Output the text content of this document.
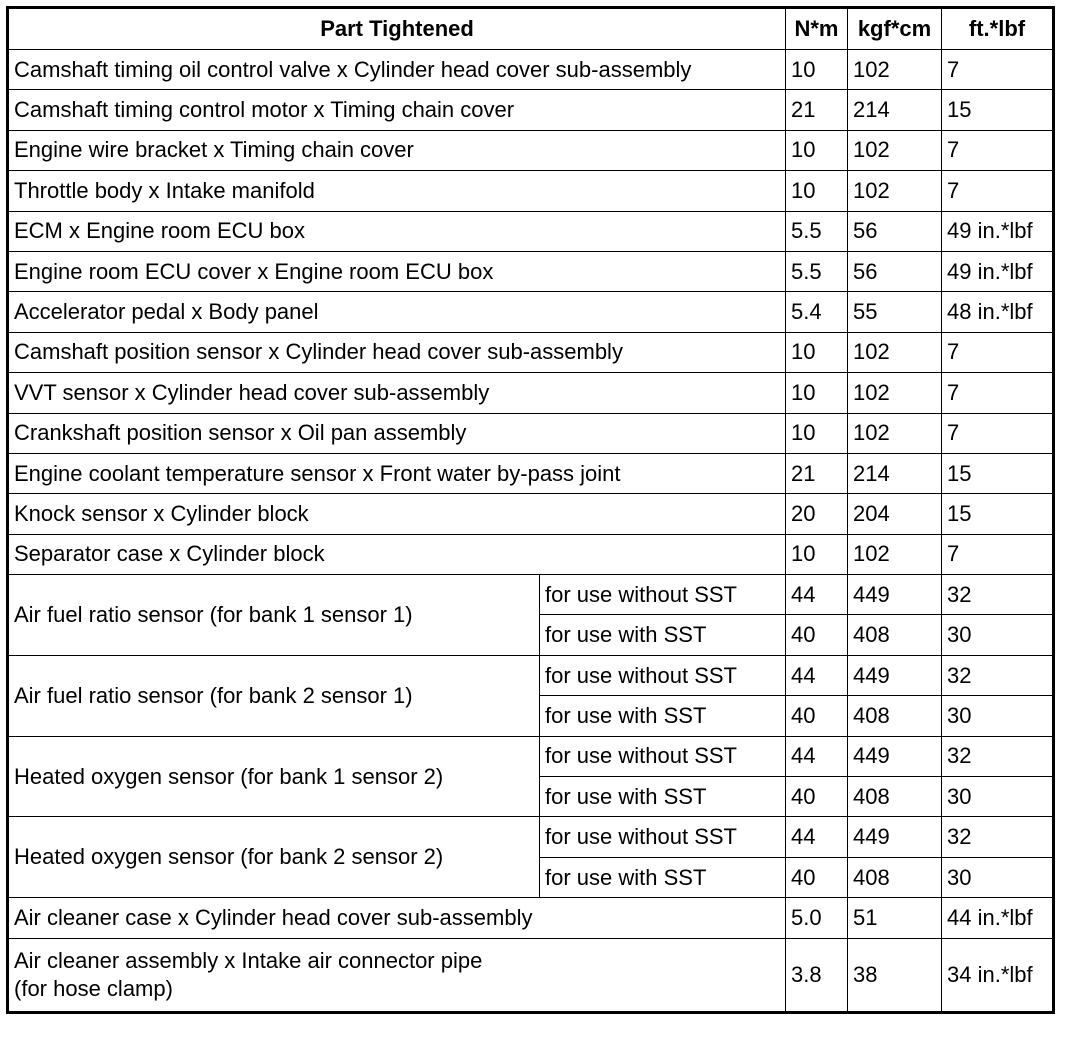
Part Tightened		N*m	kgf*cm	ft.*lbf
Camshaft timing oil control valve x Cylinder head cover sub-assembly		10	102	7
Camshaft timing control motor x Timing chain cover		21	214	15
Engine wire bracket x Timing chain cover		10	102	7
Throttle body x Intake manifold		10	102	7
ECM x Engine room ECU box		5.5	56	49 in.*lbf
Engine room ECU cover x Engine room ECU box		5.5	56	49 in.*lbf
Accelerator pedal x Body panel		5.4	55	48 in.*lbf
Camshaft position sensor x Cylinder head cover sub-assembly		10	102	7
VVT sensor x Cylinder head cover sub-assembly		10	102	7
Crankshaft position sensor x Oil pan assembly		10	102	7
Engine coolant temperature sensor x Front water by-pass joint		21	214	15
Knock sensor x Cylinder block		20	204	15
Separator case x Cylinder block		10	102	7
Air fuel ratio sensor (for bank 1 sensor 1)	for use without SST	44	449	32
	for use with SST	40	408	30
Air fuel ratio sensor (for bank 2 sensor 1)	for use without SST	44	449	32
	for use with SST	40	408	30
Heated oxygen sensor (for bank 1 sensor 2)	for use without SST	44	449	32
	for use with SST	40	408	30
Heated oxygen sensor (for bank 2 sensor 2)	for use without SST	44	449	32
	for use with SST	40	408	30
Air cleaner case x Cylinder head cover sub-assembly		5.0	51	44 in.*lbf

Air cleaner assembly x Intake air connector pipe
(for hose clamp)		3.8	38	34 in.*lbf
